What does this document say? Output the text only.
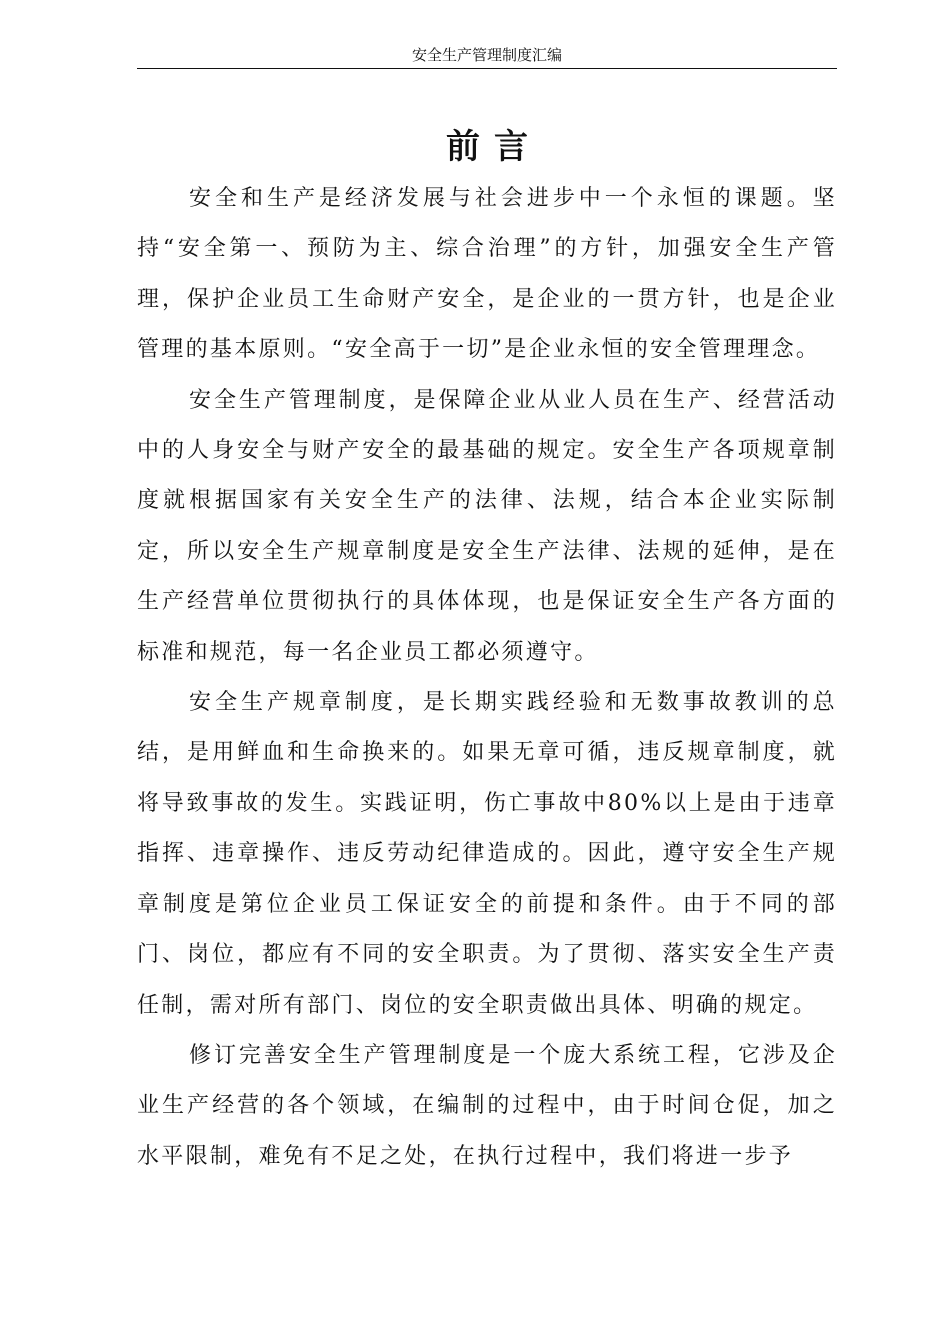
安全生产管理制度汇编
前言

安全和生产是经济发展与社会进步中一个永恒的课题。坚持“安全第一、预防为主、综合治理”的方针，加强安全生产管理，保护企业员工生命财产安全，是企业的一贯方针，也是企业管理的基本原则。“安全高于一切”是企业永恒的安全管理理念。

安全生产管理制度，是保障企业从业人员在生产、经营活动中的人身安全与财产安全的最基础的规定。安全生产各项规章制度就根据国家有关安全生产的法律、法规，结合本企业实际制定，所以安全生产规章制度是安全生产法律、法规的延伸，是在生产经营单位贯彻执行的具体体现，也是保证安全生产各方面的标准和规范，每一名企业员工都必须遵守。

安全生产规章制度，是长期实践经验和无数事故教训的总结，是用鲜血和生命换来的。如果无章可循，违反规章制度，就将导致事故的发生。实践证明，伤亡事故中80%以上是由于违章指挥、违章操作、违反劳动纪律造成的。因此，遵守安全生产规章制度是第位企业员工保证安全的前提和条件。由于不同的部门、岗位，都应有不同的安全职责。为了贯彻、落实安全生产责任制，需对所有部门、岗位的安全职责做出具体、明确的规定。

修订完善安全生产管理制度是一个庞大系统工程，它涉及企业生产经营的各个领域，在编制的过程中，由于时间仓促，加之水平限制，难免有不足之处，在执行过程中，我们将进一步予
